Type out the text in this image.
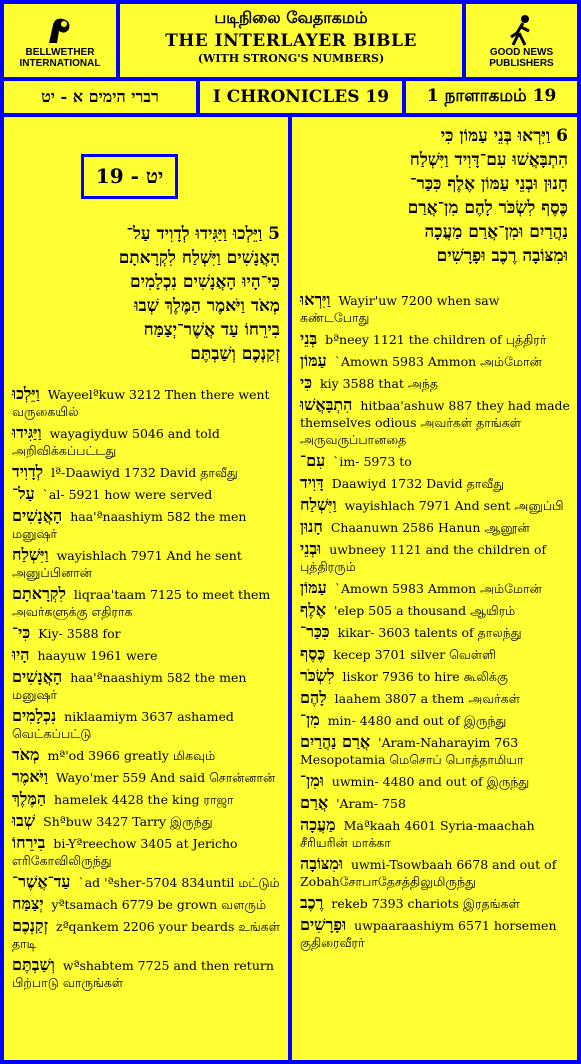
BELLWETHER
INTERNATIONAL
படிநிலை வேதாகமம்
THE INTERLAYER BIBLE
(WITH STRONG'S NUMBERS)	GOOD NEWS
PUBLISHERS
רברי הימים א - יט	I CHRONICLES 19	1 நாளாகமம் 19
יט - 19
5 וַיֵּלְכוּ וַיַּגִּידוּ לְדָוִיד עַל־
הָאֲנָשִׁים וַיִּשְׁלַח לִקְרָאתָם
כִּי־הָיוּ הָאֲנָשִׁים נִכְלָמִים
מְאֹד וַיֹּאמֶר הַמֶּלֶךְ שְׁבוּ
בִירֵחוֹ עַד אֲשֶׁר־יְצַמַּח
זְקַנְכֶם וְשַׁבְתֶּם
וַיֵּלְכוּ Wayeelªkuw 3212 Then there went வருகையில்
וַיַּגִּידוּ wayagiyduw 5046 and told அறிவிக்கப்பட்டது
לְדָוִיד lª-Daawiyd 1732 David தாவீது
עַל־ `al- 5921 how were served
הָאֲנָשִׁים haa'ªnaashiym 582 the men மனுஷர்
וַיִּשְׁלַח wayishlach 7971 And he sent அனுப்பினான்
לִקְרָאתָם liqraa'taam 7125 to meet them அவர்களுக்கு எதிராக
כִּי־ Kiy- 3588 for
הָיוּ haayuw 1961 were
הָאֲנָשִׁים haa'ªnaashiym 582 the men மனுஷர்
נִכְלָמִים niklaamiym 3637 ashamed வெட்கப்பட்டு
מְאֹד mª'od 3966 greatly மிகவும்
וַיֹּאמֶר Wayo'mer 559 And said சொன்னான்
הַמֶּלֶךְ hamelek 4428 the king ராஜா
שְׁבוּ Shªbuw 3427 Tarry இருந்து
בִירֵחוֹ bi-Yªreechow 3405 at Jericho எரிகோவிலிருந்து
עַד־אֲשֶׁר־ `ad 'ªsher-5704 834until மட்டும்
יְצַמַּח yªtsamach 6779 be grown வளரும்
זְקַנְכֶם zªqankem 2206 your beards உங்கள் தாடி
וְשַׁבְתֶּם wªshabtem 7725 and then return பிற்பாடு வாருங்கள்
6 וַיִּרְאוּ בְּנֵי עַמּוֹן כִּי
הִתְבָּאֲשׁוּ עִם־דָּוִיד וַיִּשְׁלַח
חָנוּן וּבְנֵי עַמּוֹן אֶלֶף כִּכַּר־
כֶּסֶף לִשְׂכֹּר לָהֶם מִן־אֲרַם
נַהֲרַיִם וּמִן־אֲרַם מַעֲכָה
וּמִצּוֹבָה רֶכֶב וּפָרָשִׁים
וַיִּרְאוּ Wayir'uw 7200 when saw கண்டபோது
בְּנֵי bªneey 1121 the children of புத்திரர்
עַמּוֹן `Amown 5983 Ammon அம்மோன்
כִּי kiy 3588 that அந்த
הִתְבָּאֲשׁוּ hitbaa'ashuw 887 they had made themselves odious அவர்கள் தாங்கள் அருவருப்பானதை
עִם־ `im- 5973 to
דָּוִיד Daawiyd 1732 David தாவீது
וַיִּשְׁלַח wayishlach 7971 And sent அனுப்பி
חָנוּן Chaanuwn 2586 Hanun ஆனூன்
וּבְנֵי uwbneey 1121 and the children of புத்திரரும்
עַמּוֹן `Amown 5983 Ammon அம்மோன்
אֶלֶף 'elep 505 a thousand ஆயிரம்
כִּכַּר־ kikar- 3603 talents of தாலந்து
כֶּסֶף kecep 3701 silver வெள்ளி
לִשְׂכֹּר liskor 7936 to hire கூலிக்கு
לָהֶם laahem 3807 a them அவர்கள்
מִן־ min- 4480 and out of இருந்து
אֲרַם נַהֲרַיִם 'Aram-Naharayim 763 Mesopotamia மெசொப் பொத்தாமியா
וּמִן־ uwmin- 4480 and out of இருந்து
אֲרַם 'Aram- 758
מַעֲכָה Maªkaah 4601 Syria-maachah சீரியரின் மாக்கா
וּמִצּוֹבָה uwmi-Tsowbaah 6678 and out of Zobahசோபாதேசத்திலுமிருந்து
רֶכֶב rekeb 7393 chariots இரதங்கள்
וּפָרָשִׁים uwpaaraashiym 6571 horsemen குதிரைவீரர்
